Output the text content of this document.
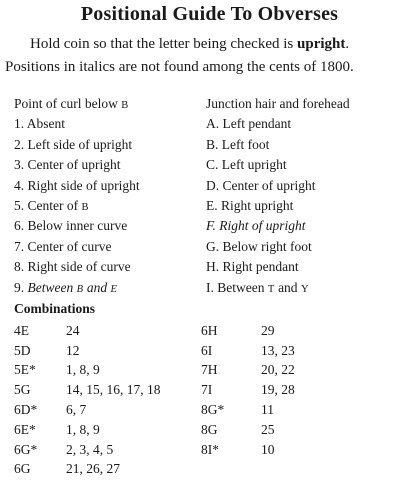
Positional Guide To Obverses
Hold coin so that the letter being checked is upright.
Positions in italics are not found among the cents of 1800.
Point of curl below B
1. Absent
2. Left side of upright
3. Center of upright
4. Right side of upright
5. Center of B
6. Below inner curve
7. Center of curve
8. Right side of curve
9. Between B and E
Junction hair and forehead
A. Left pendant
B. Left foot
C. Left upright
D. Center of upright
E. Right upright
F. Right of upright
G. Below right foot
H. Right pendant
I. Between T and Y
Combinations
4E	24
5D	12
5E*	1, 8, 9
5G	14, 15, 16, 17, 18
6D*	6, 7
6E*	1, 8, 9
6G*	2, 3, 4, 5
6G	21, 26, 27
6H	29
6I	13, 23
7H	20, 22
7I	19, 28
8G*	11
8G	25
8I*	10
